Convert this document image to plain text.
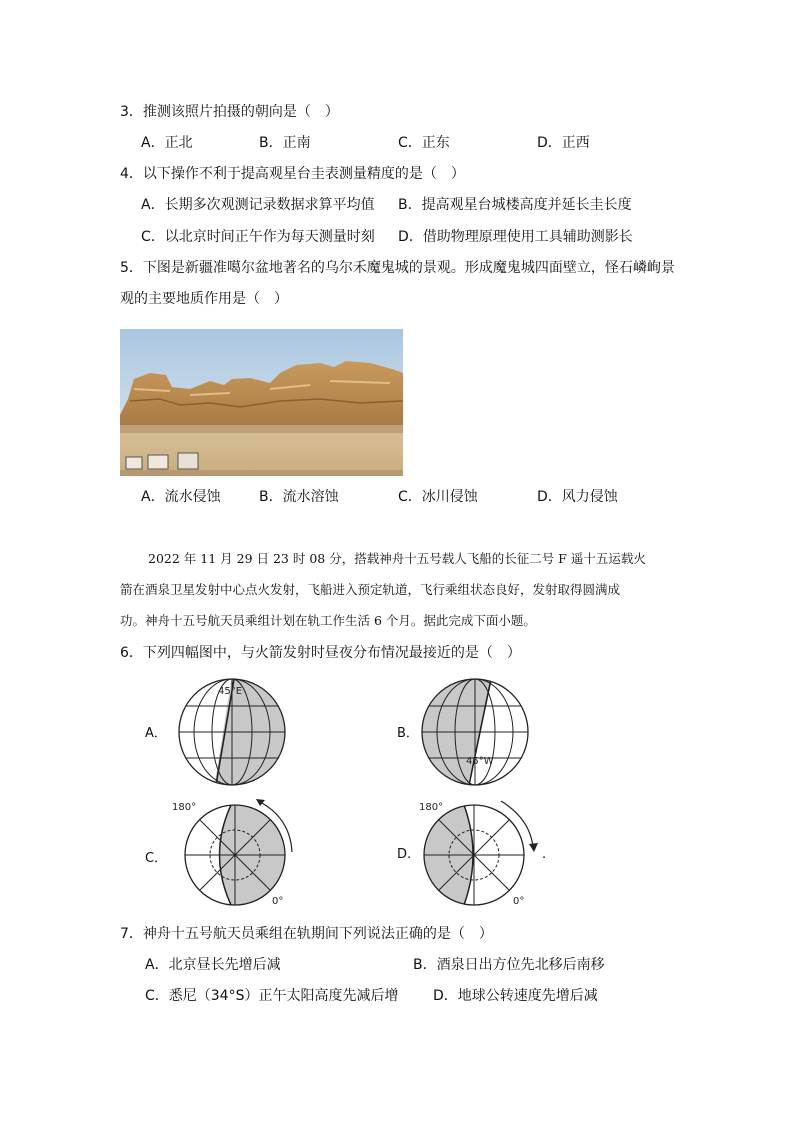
3．推测该照片拍摄的朝向是（　）
A．正北	B．正南	C．正东	D．正西
4．以下操作不利于提高观星台圭表测量精度的是（　）
A．长期多次观测记录数据求算平均值 B．提高观星台城楼高度并延长圭长度
C．以北京时间正午作为每天测量时刻 D．借助物理原理使用工具辅助测影长
5．下图是新疆准噶尔盆地著名的乌尔禾魔鬼城的景观。形成魔鬼城四面壁立，怪石嶙峋景
观的主要地质作用是（　）
A．流水侵蚀	B．流水溶蚀	C．冰川侵蚀	D．风力侵蚀
2022 年 11 月 29 日 23 时 08 分，搭载神舟十五号载人飞船的长征二号 F 遥十五运载火
箭在酒泉卫星发射中心点火发射，飞船进入预定轨道，飞行乘组状态良好，发射取得圆满成
功。神舟十五号航天员乘组计划在轨工作生活 6 个月。据此完成下面小题。
6．下列四幅图中，与火箭发射时昼夜分布情况最接近的是（　）
A．
45°E
B．
45°W
C．
180°
0°
D.
180°
0°
.
7．神舟十五号航天员乘组在轨期间下列说法正确的是（　）
A．北京昼长先增后减	B．酒泉日出方位先北移后南移
C．悉尼（34°S）正午太阳高度先减后增 D．地球公转速度先增后减
